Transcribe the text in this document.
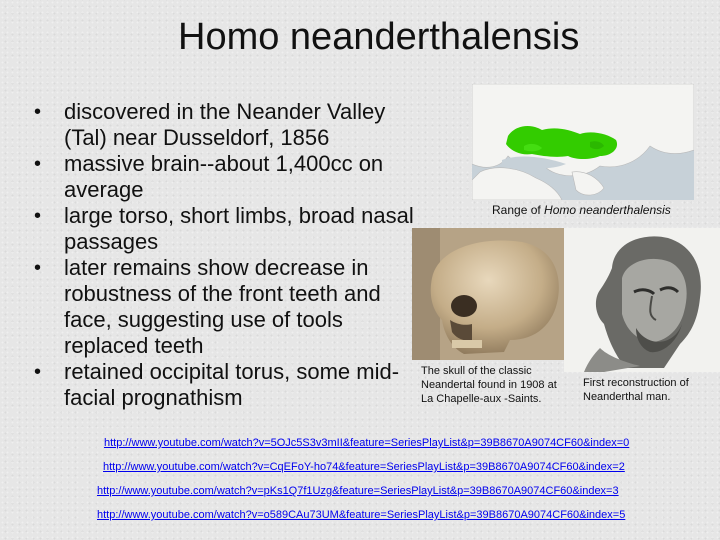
Homo neanderthalensis
• discovered in the Neander Valley (Tal) near Dusseldorf, 1856
• massive brain--about 1,400cc on average
• large torso, short limbs, broad nasal passages
• later remains show decrease in robustness of the front teeth and face, suggesting use of tools replaced teeth
• retained occipital torus, some mid-facial prognathism
Range of Homo neanderthalensis
The skull of the classic Neandertal found in 1908 at La Chapelle-aux -Saints.
First reconstruction of Neanderthal man.
http://www.youtube.com/watch?v=5OJc5S3v3mII&feature=SeriesPlayList&p=39B8670A9074CF60&index=0
http://www.youtube.com/watch?v=CqEFoY-ho74&feature=SeriesPlayList&p=39B8670A9074CF60&index=2
http://www.youtube.com/watch?v=pKs1Q7f1Uzg&feature=SeriesPlayList&p=39B8670A9074CF60&index=3
http://www.youtube.com/watch?v=o589CAu73UM&feature=SeriesPlayList&p=39B8670A9074CF60&index=5
